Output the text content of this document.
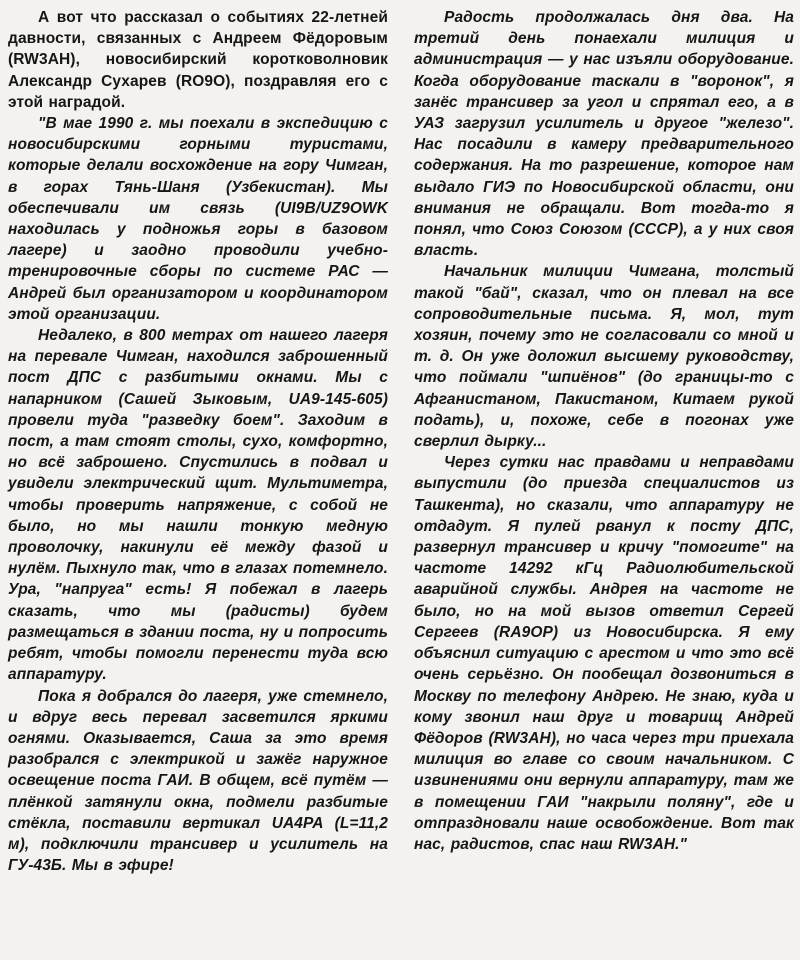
А вот что рассказал о событиях 22-летней давности, связанных с Андреем Фёдоровым (RW3AH), новосибирский коротковолновик Александр Сухарев (RO9O), поздравляя его с этой наградой.

"В мае 1990 г. мы поехали в экспедицию с новосибирскими горными туристами, которые делали восхождение на гору Чимган, в горах Тянь-Шаня (Узбекистан). Мы обеспечивали им связь (UI9B/UZ9OWK находилась у подножья горы в базовом лагере) и заодно проводили учебно-тренировочные сборы по системе РАС — Андрей был организатором и координатором этой организации.

Недалеко, в 800 метрах от нашего лагеря на перевале Чимган, находился заброшенный пост ДПС с разбитыми окнами. Мы с напарником (Сашей Зыковым, UA9-145-605) провели туда "разведку боем". Заходим в пост, а там стоят столы, сухо, комфортно, но всё заброшено. Спустились в подвал и увидели электрический щит. Мультиметра, чтобы проверить напряжение, с собой не было, но мы нашли тонкую медную проволочку, накинули её между фазой и нулём. Пыхнуло так, что в глазах потемнело. Ура, "напруга" есть! Я побежал в лагерь сказать, что мы (радисты) будем размещаться в здании поста, ну и попросить ребят, чтобы помогли перенести туда всю аппаратуру.

Пока я добрался до лагеря, уже стемнело, и вдруг весь перевал засветился яркими огнями. Оказывается, Саша за это время разобрался с электрикой и зажёг наружное освещение поста ГАИ. В общем, всё путём — плёнкой затянули окна, подмели разбитые стёкла, поставили вертикал UA4PA (L=11,2 м), подключили трансивер и усилитель на ГУ-43Б. Мы в эфире!

Радость продолжалась дня два. На третий день понаехали милиция и администрация — у нас изъяли оборудование. Когда оборудование таскали в "воронок", я занёс трансивер за угол и спрятал его, а в УАЗ загрузил усилитель и другое "железо". Нас посадили в камеру предварительного содержания. На то разрешение, которое нам выдало ГИЭ по Новосибирской области, они внимания не обращали. Вот тогда-то я понял, что Союз Союзом (СССР), а у них своя власть.

Начальник милиции Чимгана, толстый такой "бай", сказал, что он плевал на все сопроводительные письма. Я, мол, тут хозяин, почему это не согласовали со мной и т. д. Он уже доложил высшему руководству, что поймали "шпиёнов" (до границы-то с Афганистаном, Пакистаном, Китаем рукой подать), и, похоже, себе в погонах уже сверлил дырку...

Через сутки нас правдами и неправдами выпустили (до приезда специалистов из Ташкента), но сказали, что аппаратуру не отдадут. Я пулей рванул к посту ДПС, развернул трансивер и кричу "помогите" на частоте 14292 кГц Радиолюбительской аварийной службы. Андрея на частоте не было, но на мой вызов ответил Сергей Сергеев (RA9OP) из Новосибирска. Я ему объяснил ситуацию с арестом и что это всё очень серьёзно. Он пообещал дозвониться в Москву по телефону Андрею. Не знаю, куда и кому звонил наш друг и товарищ Андрей Фёдоров (RW3AH), но часа через три приехала милиция во главе со своим начальником. С извинениями они вернули аппаратуру, там же в помещении ГАИ "накрыли поляну", где и отпраздновали наше освобождение. Вот так нас, радистов, спас наш RW3AH."
